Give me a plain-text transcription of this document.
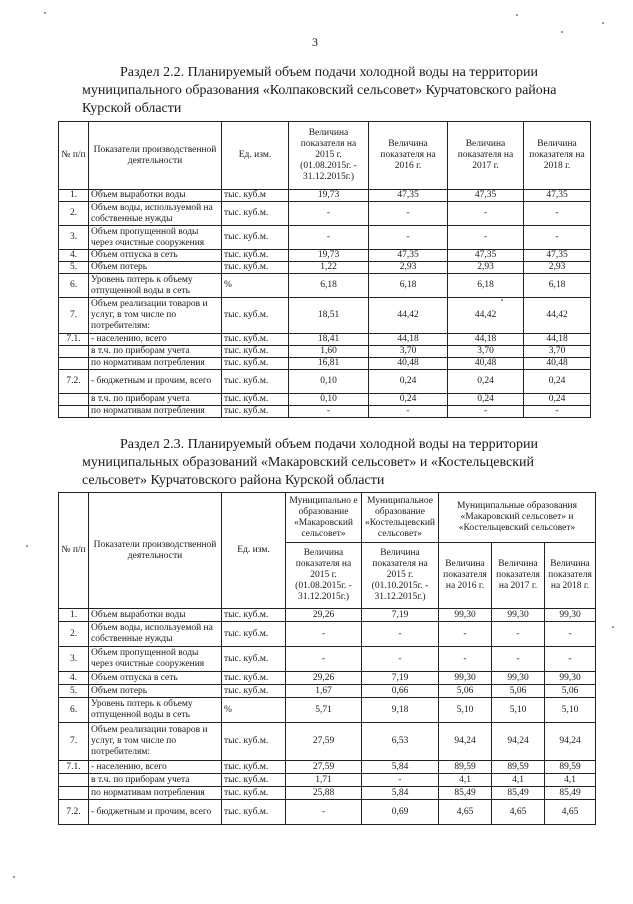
3
Раздел 2.2. Планируемый объем подачи холодной воды на территории
муниципального образования «Колпаковский сельсовет» Курчатовского района
Курской области
№ п/п	Показатели производственной деятельности	Ед. изм.	Величина показателя на 2015 г. (01.08.2015г. - 31.12.2015г.)	Величина показателя на 2016 г.	Величина показателя на 2017 г.	Величина показателя на 2018 г.
1.	Объем выработки воды	тыс. куб.м	19,73	47,35	47,35	47,35
2.	Объем воды, используемой на собственные нужды	тыс. куб.м.	-	-	-	-
3.	Объем пропущенной воды через очистные сооружения	тыс. куб.м.	-	-	-	-
4.	Объем отпуска в сеть	тыс. куб.м.	19,73	47,35	47,35	47,35
5.	Объем потерь	тыс. куб.м.	1,22	2,93	2,93	2,93
6.	Уровень потерь к объему отпущенной воды в сеть	%	6,18	6,18	6,18	6,18
7.	Объем реализации товаров и услуг, в том числе по потребителям:	тыс. куб.м.	18,51	44,42	44,42	44,42
7.1.	- населению, всего	тыс. куб.м.	18,41	44,18	44,18	44,18
	в т.ч. по приборам учета	тыс. куб.м.	1,60	3,70	3,70	3,70
	по нормативам потребления	тыс. куб.м.	16,81	40,48	40,48	40,48
7.2.	- бюджетным и прочим, всего	тыс. куб.м.	0,10	0,24	0,24	0,24
	в т.ч. по приборам учета	тыс. куб.м.	0,10	0,24	0,24	0,24
	по нормативам потребления	тыс. куб.м.	-	-	-	-
Раздел 2.3. Планируемый объем подачи холодной воды на территории
муниципальных образований «Макаровский сельсовет» и «Костельцевский
сельсовет» Курчатовского района Курской области
№ п/п	Показатели производственной деятельности	Ед. изм.	Муниципально е образование «Макаровский сельсовет»	Муниципальное образование «Костельцевский сельсовет»	Муниципальные образования «Макаровский сельсовет» и «Костельцевский сельсовет»		
			Величина показателя на 2015 г. (01.08.2015г. - 31.12.2015г.)	Величина показателя на 2015 г. (01.10.2015г. - 31.12.2015г.)	Величина показателя на 2016 г.	Величина показателя на 2017 г.	Величина показателя на 2018 г.
1.	Объем выработки воды	тыс. куб.м.	29,26	7,19	99,30	99,30	99,30
2.	Объем воды, используемой на собственные нужды	тыс. куб.м.	-	-	-	-	-
3.	Объем пропущенной воды через очистные сооружения	тыс. куб.м.	-	-	-	-	-
4.	Объем отпуска в сеть	тыс. куб.м.	29,26	7,19	99,30	99,30	99,30
5.	Объем потерь	тыс. куб.м.	1,67	0,66	5,06	5,06	5,06
6.	Уровень потерь к объему отпущенной воды в сеть	%	5,71	9,18	5,10	5,10	5,10
7.	Объем реализации товаров и услуг, в том числе по потребителям:	тыс. куб.м.	27,59	6,53	94,24	94,24	94,24
7.1.	- населению, всего	тыс. куб.м.	27,59	5,84	89,59	89,59	89,59
	в т.ч. по приборам учета	тыс. куб.м.	1,71	-	4,1	4,1	4,1
	по нормативам потребления	тыс. куб.м.	25,88	5,84	85,49	85,49	85,49
7.2.	- бюджетным и прочим, всего	тыс. куб.м.	-	0,69	4,65	4,65	4,65
